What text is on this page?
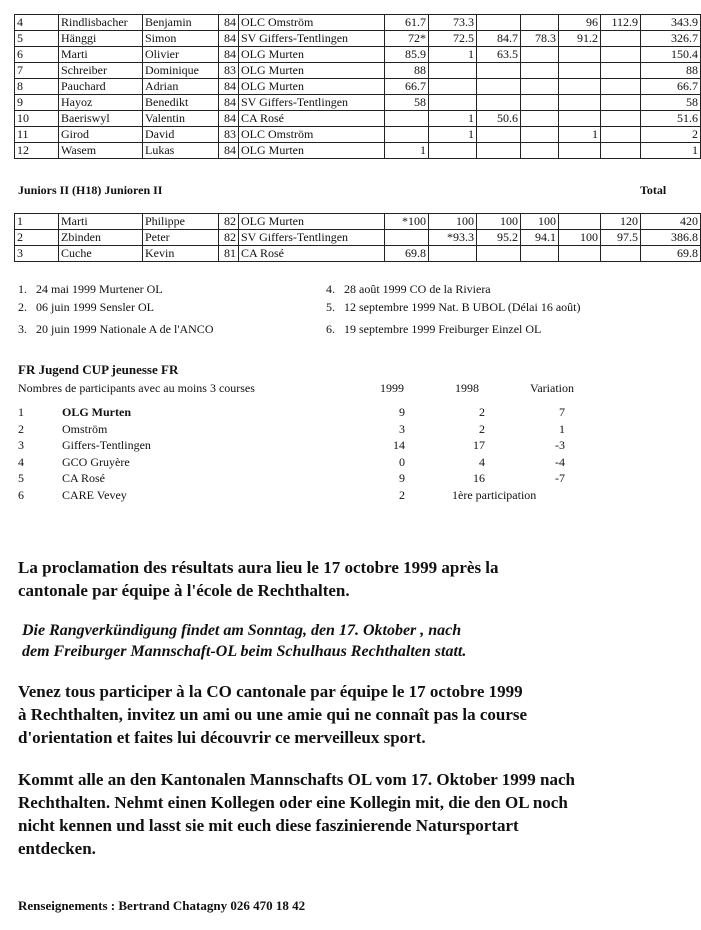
4	Rindlisbacher	Benjamin	84	OLC Omström	61.7	73.3			96	112.9	343.9
5	Hänggi	Simon	84	SV Giffers-Tentlingen	72*	72.5	84.7	78.3	91.2		326.7
6	Marti	Olivier	84	OLG Murten	85.9	1	63.5				150.4
7	Schreiber	Dominique	83	OLG Murten	88						88
8	Pauchard	Adrian	84	OLG Murten	66.7						66.7
9	Hayoz	Benedikt	84	SV Giffers-Tentlingen	58						58
10	Baeriswyl	Valentin	84	CA Rosé		1	50.6				51.6
11	Girod	David	83	OLC Omström		1			1		2
12	Wasem	Lukas	84	OLG Murten	1						1
Juniors II (H18) Junioren II	Total
1	Marti	Philippe	82	OLG Murten	*100	100	100	100		120	420
2	Zbinden	Peter	82	SV Giffers-Tentlingen		*93.3	95.2	94.1	100	97.5	386.8
3	Cuche	Kevin	81	CA Rosé	69.8						69.8
1. 24 mai 1999 Murtener OL
2. 06 juin 1999 Sensler OL
3. 20 juin 1999 Nationale A de l'ANCO
4. 28 août 1999 CO de la Riviera
5. 12 septembre 1999 Nat. B UBOL (Délai 16 août)
6. 19 septembre 1999 Freiburger Einzel OL
FR Jugend CUP jeunesse FR
Nombres de participants avec au moins 3 courses	1999	1998	Variation
1	OLG Murten	9	2	7
2	Omström	3	2	1
3	Giffers-Tentlingen	14	17	-3
4	GCO Gruyère	0	4	-4
5	CA Rosé	9	16	-7
6	CARE Vevey	2	1ère participation
La proclamation des résultats aura lieu le 17 octobre 1999 après la
cantonale par équipe à l'école de Rechthalten.
Die Rangverkündigung findet am Sonntag, den 17. Oktober , nach
dem Freiburger Mannschaft-OL beim Schulhaus Rechthalten statt.
Venez tous participer à la CO cantonale par équipe le 17 octobre 1999
à Rechthalten, invitez un ami ou une amie qui ne connaît pas la course
d'orientation et faites lui découvrir ce merveilleux sport.
Kommt alle an den Kantonalen Mannschafts OL vom 17. Oktober 1999 nach
Rechthalten. Nehmt einen Kollegen oder eine Kollegin mit, die den OL noch
nicht kennen und lasst sie mit euch diese faszinierende Natursportart
entdecken.
Renseignements : Bertrand Chatagny 026 470 18 42
